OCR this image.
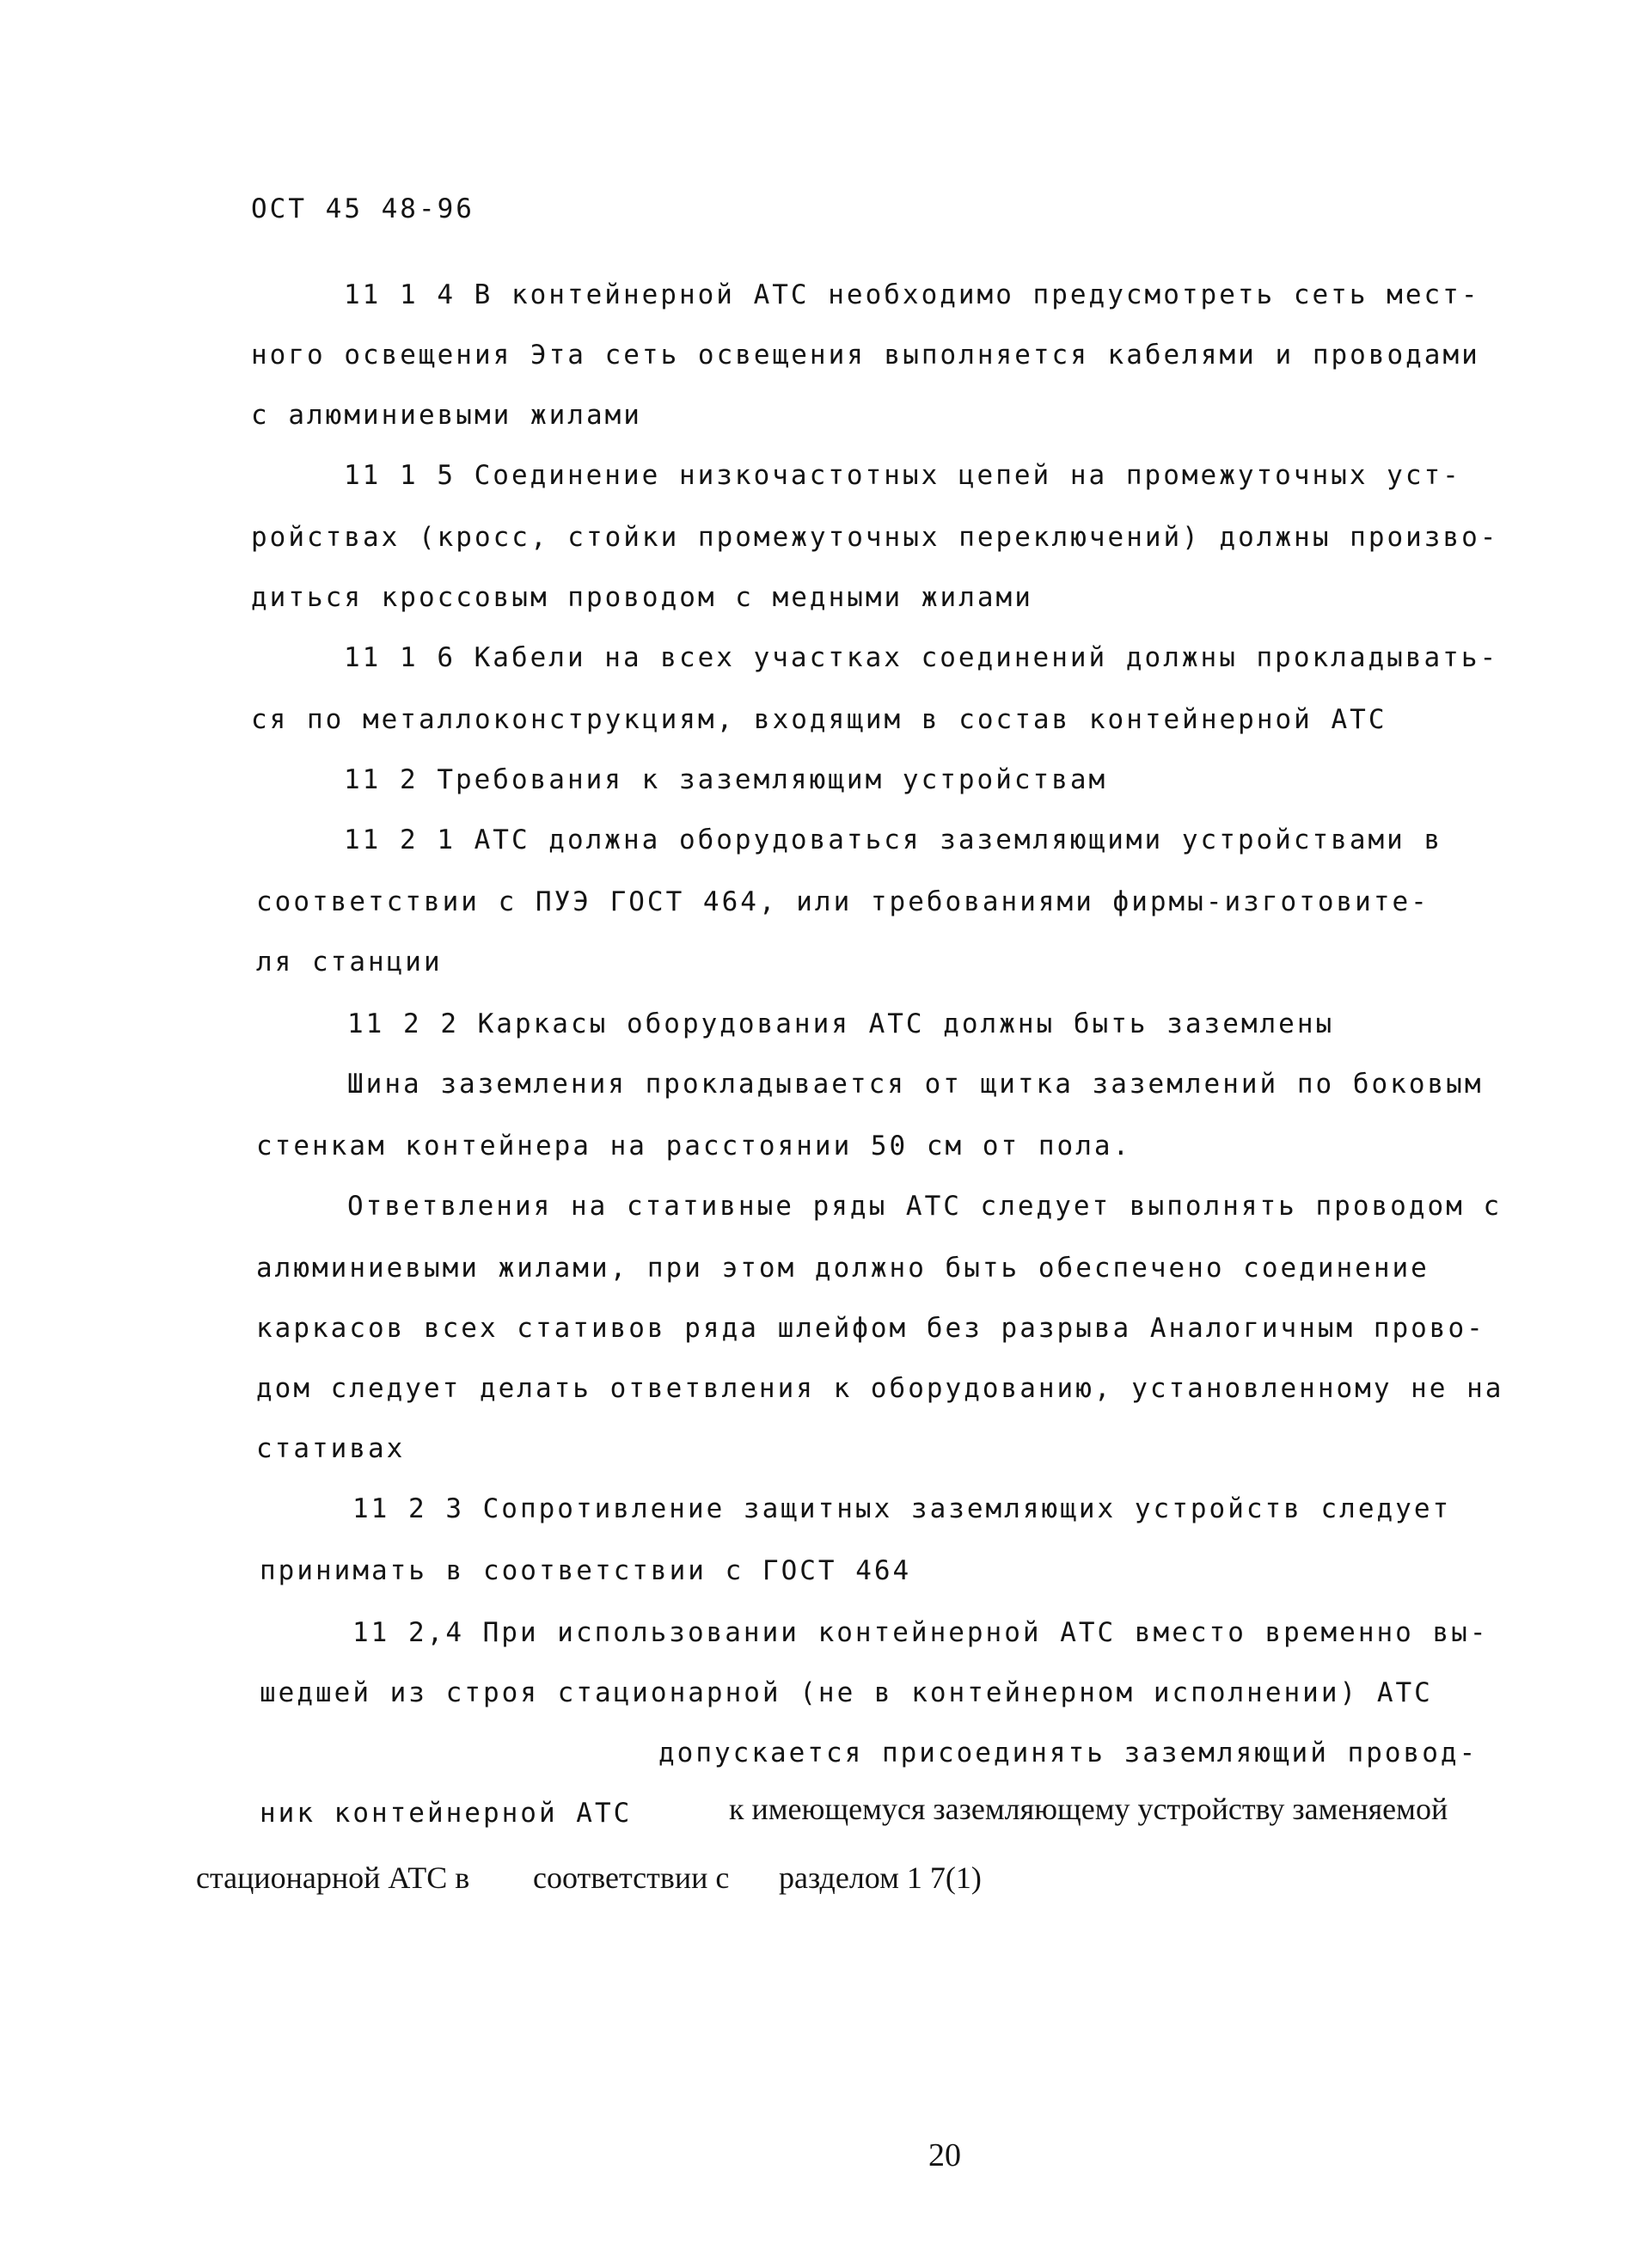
ОСТ 45 48-96
11 1 4 В контейнерной АТС необходимо предусмотреть сеть мест-
ного освещения Эта сеть освещения выполняется кабелями и проводами
с алюминиевыми жилами
11 1 5 Соединение низкочастотных цепей на промежуточных уст-
ройствах (кросс, стойки промежуточных переключений) должны произво-
диться кроссовым проводом с медными жилами
11 1 6 Кабели на всех участках соединений должны прокладывать-
ся по металлоконструкциям, входящим в состав контейнерной АТС
11 2 Требования к заземляющим устройствам
11 2 1 АТС должна оборудоваться заземляющими устройствами в
соответствии с ПУЭ ГОСТ 464, или требованиями фирмы-изготовите-
ля станции
11 2 2 Каркасы оборудования АТС должны быть заземлены
Шина заземления прокладывается от щитка заземлений по боковым
стенкам контейнера на расстоянии 50 см от пола.
Ответвления на стативные ряды АТС следует выполнять проводом с
алюминиевыми жилами, при этом должно быть обеспечено соединение
каркасов всех стативов ряда шлейфом без разрыва Аналогичным прово-
дом следует делать ответвления к оборудованию, установленному не на
стативах
11 2 3 Сопротивление защитных заземляющих устройств следует
принимать в соответствии с ГОСТ 464
11 2,4 При использовании контейнерной АТС вместо временно вы-
шедшей из строя стационарной (не в контейнерном исполнении) АТС
допускается присоединять заземляющий провод-
ник контейнерной АТС	к имеющемуся заземляющему устройству заменяемой
стационарной АТС в соответствии с разделом 1 7(1)
20
